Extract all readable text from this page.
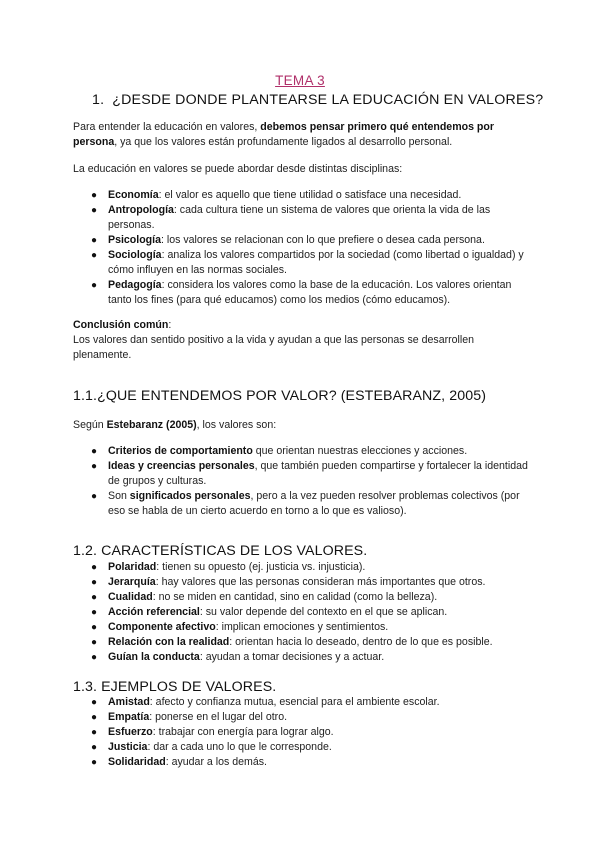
TEMA 3
1. ¿DESDE DONDE PLANTEARSE LA EDUCACIÓN EN VALORES?
Para entender la educación en valores, debemos pensar primero qué entendemos por persona, ya que los valores están profundamente ligados al desarrollo personal.
La educación en valores se puede abordar desde distintas disciplinas:
● Economía: el valor es aquello que tiene utilidad o satisface una necesidad.
● Antropología: cada cultura tiene un sistema de valores que orienta la vida de las personas.
● Psicología: los valores se relacionan con lo que prefiere o desea cada persona.
● Sociología: analiza los valores compartidos por la sociedad (como libertad o igualdad) y cómo influyen en las normas sociales.
● Pedagogía: considera los valores como la base de la educación. Los valores orientan tanto los fines (para qué educamos) como los medios (cómo educamos).
Conclusión común:
Los valores dan sentido positivo a la vida y ayudan a que las personas se desarrollen plenamente.
1.1.¿QUE ENTENDEMOS POR VALOR? (ESTEBARANZ, 2005)
Según Estebaranz (2005), los valores son:
● Criterios de comportamiento que orientan nuestras elecciones y acciones.
● Ideas y creencias personales, que también pueden compartirse y fortalecer la identidad de grupos y culturas.
● Son significados personales, pero a la vez pueden resolver problemas colectivos (por eso se habla de un cierto acuerdo en torno a lo que es valioso).
1.2. CARACTERÍSTICAS DE LOS VALORES.
● Polaridad: tienen su opuesto (ej. justicia vs. injusticia).
● Jerarquía: hay valores que las personas consideran más importantes que otros.
● Cualidad: no se miden en cantidad, sino en calidad (como la belleza).
● Acción referencial: su valor depende del contexto en el que se aplican.
● Componente afectivo: implican emociones y sentimientos.
● Relación con la realidad: orientan hacia lo deseado, dentro de lo que es posible.
● Guían la conducta: ayudan a tomar decisiones y a actuar.
1.3. EJEMPLOS DE VALORES.
● Amistad: afecto y confianza mutua, esencial para el ambiente escolar.
● Empatía: ponerse en el lugar del otro.
● Esfuerzo: trabajar con energía para lograr algo.
● Justicia: dar a cada uno lo que le corresponde.
● Solidaridad: ayudar a los demás.
